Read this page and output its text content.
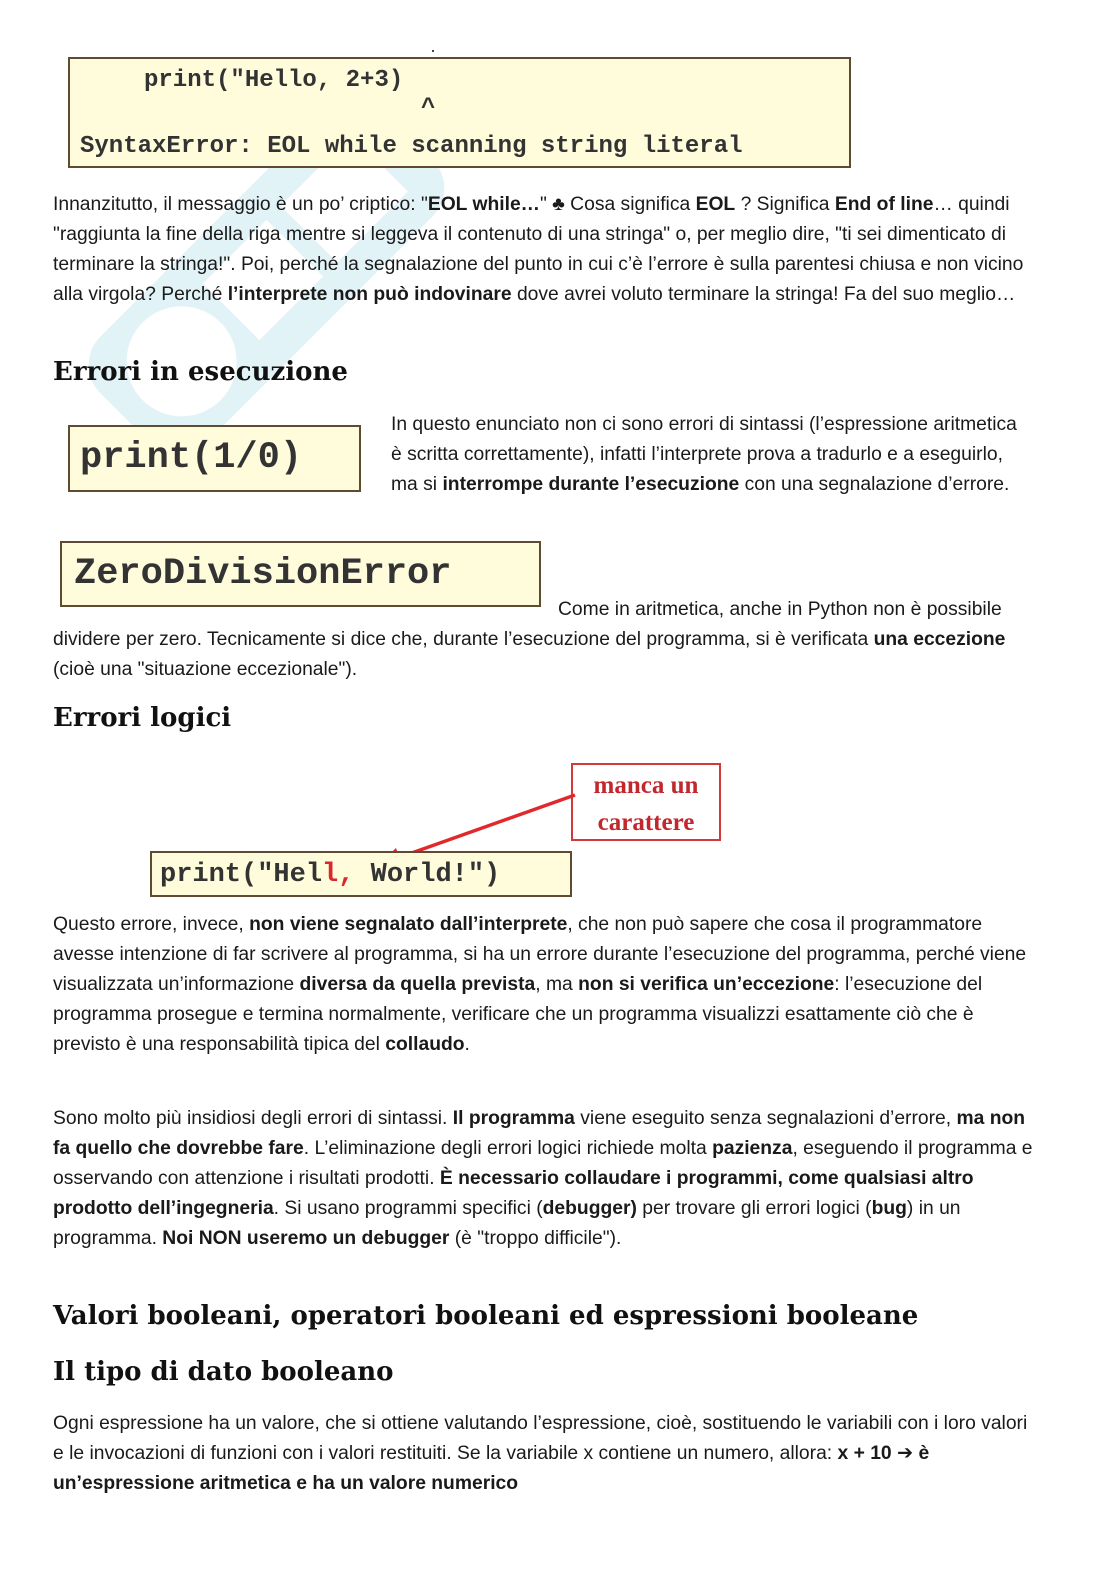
print("Hello, 2+3)
^
SyntaxError: EOL while scanning string literal

Innanzitutto, il messaggio è un po’ criptico: "EOL while…" ♣ Cosa significa EOL ? Significa End of line… quindi "raggiunta la fine della riga mentre si leggeva il contenuto di una stringa" o, per meglio dire, "ti sei dimenticato di terminare la stringa!". Poi, perché la segnalazione del punto in cui c’è l’errore è sulla parentesi chiusa e non vicino alla virgola? Perché l’interprete non può indovinare dove avrei voluto terminare la stringa! Fa del suo meglio…

Errori in esecuzione
print(1/0)

In questo enunciato non ci sono errori di sintassi (l’espressione aritmetica è scritta correttamente), infatti l’interprete prova a tradurlo e a eseguirlo, ma si interrompe durante l’esecuzione con una segnalazione d’errore.

ZeroDivisionError

Come in aritmetica, anche in Python non è possibile dividere per zero. Tecnicamente si dice che, durante l’esecuzione del programma, si è verificata una eccezione (cioè una "situazione eccezionale").

Errori logici
manca un
carattere
print("Hell, World!")

Questo errore, invece, non viene segnalato dall’interprete, che non può sapere che cosa il programmatore avesse intenzione di far scrivere al programma, si ha un errore durante l’esecuzione del programma, perché viene visualizzata un’informazione diversa da quella prevista, ma non si verifica un’eccezione: l’esecuzione del programma prosegue e termina normalmente, verificare che un programma visualizzi esattamente ciò che è previsto è una responsabilità tipica del collaudo.

Sono molto più insidiosi degli errori di sintassi. Il programma viene eseguito senza segnalazioni d’errore, ma non fa quello che dovrebbe fare. L’eliminazione degli errori logici richiede molta pazienza, eseguendo il programma e osservando con attenzione i risultati prodotti. È necessario collaudare i programmi, come qualsiasi altro prodotto dell’ingegneria. Si usano programmi specifici (debugger) per trovare gli errori logici (bug) in un programma. Noi NON useremo un debugger (è "troppo difficile").

Valori booleani, operatori booleani ed espressioni booleane
Il tipo di dato booleano

Ogni espressione ha un valore, che si ottiene valutando l’espressione, cioè, sostituendo le variabili con i loro valori e le invocazioni di funzioni con i valori restituiti. Se la variabile x contiene un numero, allora: x + 10 ➔ è un’espressione aritmetica e ha un valore numerico
